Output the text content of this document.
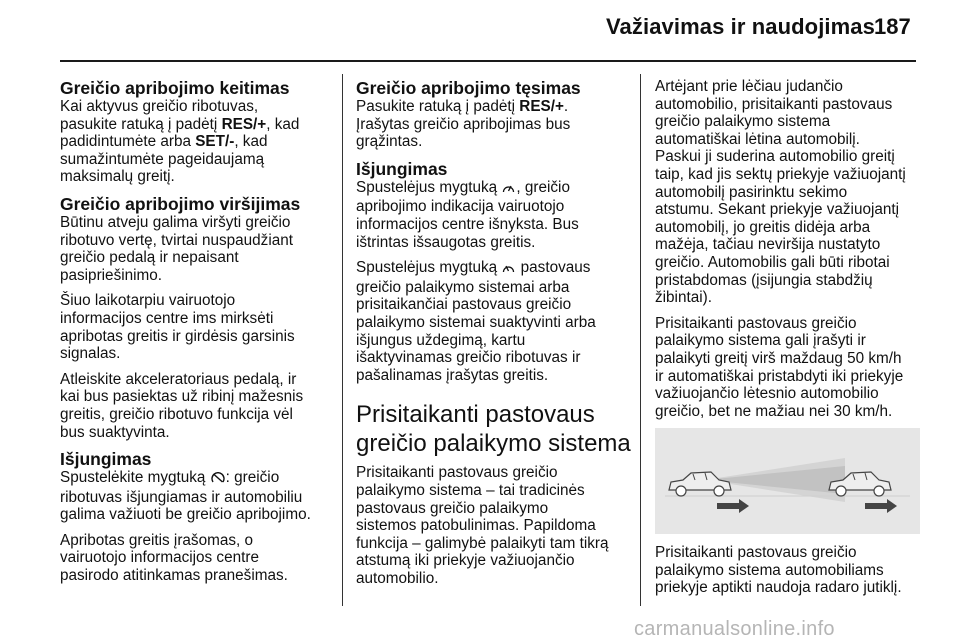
Važiavimas ir naudojimas 187
Greičio apribojimo keitimas

Kai aktyvus greičio ribotuvas,
pasukite ratuką į padėtį RES/+, kad
padidintumėte arba SET/-, kad
sumažintumėte pageidaujamą
maksimalų greitį.

Greičio apribojimo viršijimas

Būtinu atveju galima viršyti greičio
ribotuvo vertę, tvirtai nuspaudžiant
greičio pedalą ir nepaisant
pasipriešinimo.

Šiuo laikotarpiu vairuotojo
informacijos centre ims mirksėti
apribotas greitis ir girdėsis garsinis
signalas.

Atleiskite akceleratoriaus pedalą, ir
kai bus pasiektas už ribinį mažesnis
greitis, greičio ribotuvo funkcija vėl
bus suaktyvinta.

Išjungimas

Spustelėkite mygtuką : greičio
ribotuvas išjungiamas ir automobiliu
galima važiuoti be greičio apribojimo.

Apribotas greitis įrašomas, o
vairuotojo informacijos centre
pasirodo atitinkamas pranešimas.

Greičio apribojimo tęsimas

Pasukite ratuką į padėtį RES/+.
Įrašytas greičio apribojimas bus
grąžintas.

Išjungimas

Spustelėjus mygtuką , greičio
apribojimo indikacija vairuotojo
informacijos centre išnyksta. Bus
ištrintas išsaugotas greitis.

Spustelėjus mygtuką  pastovaus
greičio palaikymo sistemai arba
prisitaikančiai pastovaus greičio
palaikymo sistemai suaktyvinti arba
išjungus uždegimą, kartu
išaktyvinamas greičio ribotuvas ir
pašalinamas įrašytas greitis.

Prisitaikanti pastovaus
greičio palaikymo sistema

Prisitaikanti pastovaus greičio
palaikymo sistema – tai tradicinės
pastovaus greičio palaikymo
sistemos patobulinimas. Papildoma
funkcija – galimybė palaikyti tam tikrą
atstumą iki priekyje važiuojančio
automobilio.

Artėjant prie lėčiau judančio
automobilio, prisitaikanti pastovaus
greičio palaikymo sistema
automatiškai lėtina automobilį.
Paskui ji suderina automobilio greitį
taip, kad jis sektų priekyje važiuojantį
automobilį pasirinktu sekimo
atstumu. Sekant priekyje važiuojantį
automobilį, jo greitis didėja arba
mažėja, tačiau neviršija nustatyto
greičio. Automobilis gali būti ribotai
pristabdomas (įsijungia stabdžių
žibintai).

Prisitaikanti pastovaus greičio
palaikymo sistema gali įrašyti ir
palaikyti greitį virš maždaug 50 km/h
ir automatiškai pristabdyti iki priekyje
važiuojančio lėtesnio automobilio
greičio, bet ne mažiau nei 30 km/h.

Prisitaikanti pastovaus greičio
palaikymo sistema automobiliams
priekyje aptikti naudoja radaro jutiklį.

carmanualsonline.info
